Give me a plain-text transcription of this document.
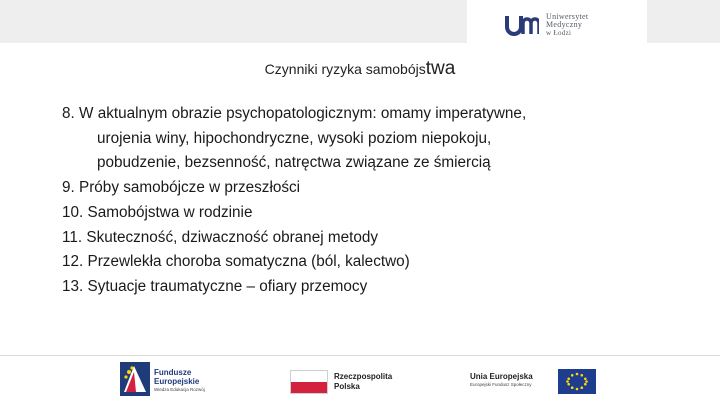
Uniwersytet
Medyczny
w Łodzi
Czynniki ryzyka samobójstwa
8. W aktualnym obrazie psychopatologicznym: omamy imperatywne,
urojenia winy, hipochondryczne, wysoki poziom niepokoju,
pobudzenie, bezsenność, natręctwa związane ze śmiercią
9. Próby samobójcze w przeszłości
10. Samobójstwa w rodzinie
11. Skuteczność, dziwaczność obranej metody
12. Przewlekła choroba somatyczna (ból, kalectwo)
13. Sytuacje traumatyczne – ofiary przemocy
Fundusze
Europejskie
Wiedza Edukacja Rozwój
Rzeczpospolita
Polska
Unia Europejska
Europejski Fundusz Społeczny
